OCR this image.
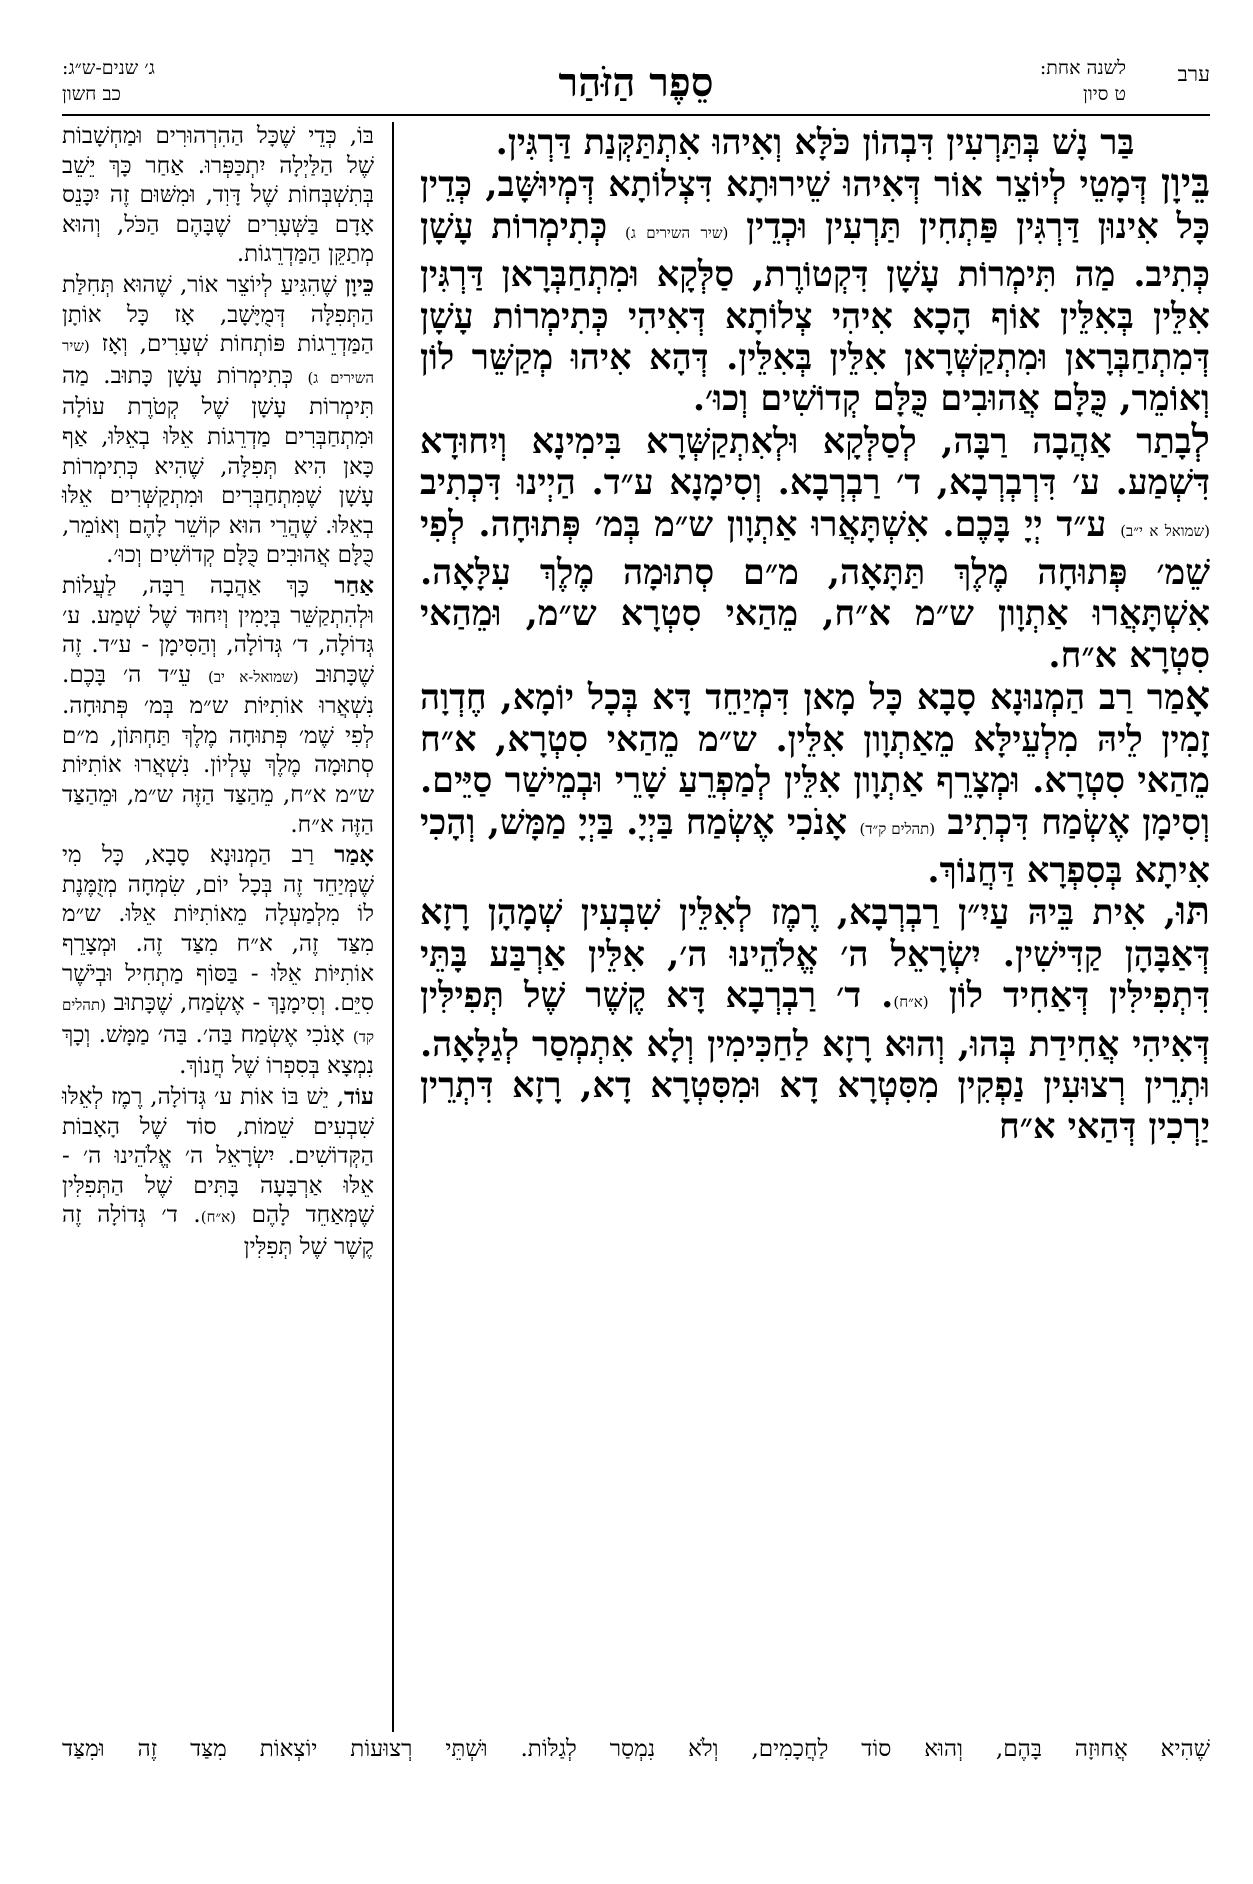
ערב
לשנה אחת:
ט סיון
סֵפֶר הַזֹּהַר
ג׳ שנים-ש״ג:
כב חשון

בַּר נָשׁ בְּתַּרְעִין דִּבְהוֹן כֹּלָּא וְאִיהוּ אִתְתַּקְּנַת דַּרְגִּין.

בֵּיוָן דְּמָטֵי לְיוֹצֵר אוֹר דְּאִיהוּ שֵׁירוּתָא דִּצְלוֹתָא דְּמְיוּשָּׁב, כְּדֵין כָּל אִינוּן דַּרְגִּין פַּתְחִין תַּרְעִין וּכְדֵין (שיר השירים ג) כְּתִימְרוֹת עָשָׁן כְּתִיב. מַה תִּימְרוֹת עָשָׁן דִּקְטוֹרֶת, סַלְּקָא וּמִתְחַבְּרָאן דַּרְגִּין אִלֵּין בְּאִלֵּין אוֹף הָכָא אִיהִי צְלוֹתָא דְּאִיהִי כְּתִימְרוֹת עָשָׁן דְּמִתְחַבְּרָאן וּמִתְקַשְּׁרָאן אִלֵּין בְּאִלֵּין. דְּהָא אִיהוּ מְקַשֵּׁר לוֹן וְאוֹמֵר, כֻּלָּם אֲהוּבִים כֻּלָּם קְדוֹשִׁים וְכוּ׳.

לְבָתַר אַהֲבָה רַבָּה, לְסַלְּקָא וּלְאִתְקַשְּׁרָא בִּימִינָא וְיִחוּדָא דִּשְׁמַע. ע׳ דִּרְבְרְבָא, ד׳ רַבְרְבָא. וְסִימָנָא ע״ד. הַיְינוּ דִּכְתִיב (שמואל א י״ב) ע״ד יְיָ בָּכֶם. אִשְׁתָּאֲרוּ אַתְוָון ש״מ בְּמ׳ פְּתוּחָה. לְפִי שֵׁמ׳ פְּתוּחָה מֶלֶךְ תַּתָּאָה, מ״ם סְתוּמָה מֶלֶךְ עִלָּאָה. אִשְׁתָּאֲרוּ אַתְוָון ש״מ א״ח, מֵהַאי סִטְרָא ש״מ, וּמֵהַאי סִטְרָא א״ח.

אָמַר רַב הַמְנוּנָא סָבָא כָּל מָאן דִּמְיַחֵד דָּא בְּכָל יוֹמָא, חֶדְוָה זָמִין לֵיהּ מִלְעֵילָּא מֵאַתְוָון אִלֵּין. ש״מ מֵהַאי סִטְרָא, א״ח מֵהַאי סִטְרָא. וּמְצָרֵף אַתְוָון אִלֵּין לְמַפְרֵעַ שָׁרֵי וּבְמֵישַׁר סַיֵּים. וְסִימָן אֶשְׂמַח דִּכְתִיב (תהלים ק״ד) אָנֹכִי אֶשְׂמַח בַּיְיָ. בַּיְיָ מַמָּשׁ, וְהָכִי אִיתָא בְּסִפְרָא דַּחֲנוֹךְ.

תּוּ, אִית בֵּיהּ עַיִ״ן רַבְרְבָא, רֶמֶז לְאִלֵּין שִׁבְעִין שְׁמָהָן רָזָא דְּאַבָּהָן קַדִּישִׁין. יִשְׂרָאֵל ה׳ אֱלֹהֵינוּ ה׳, אִלֵּין אַרְבַּע בָּתֵּי דִּתְפִילִּין דְּאַחִיד לוֹן (א״ח). ד׳ רַבְרְבָא דָּא קֶשֶׁר שֶׁל תְּפִילִּין דְּאִיהִי אֲחִידַת בְּהוּ, וְהוּא רָזָא לַחַכִּימִין וְלָא אִתְמְסַר לְגַלָּאָה. וּתְרֵין רְצוּעִין נַפְקִין מִסִּטְרָא דָא וּמִסִּטְרָא דָא, רָזָא דִּתְרֵין יַרְכִין דְּהַאי א״ח

בּוֹ, כְּדֵי שֶׁכָּל הַהִרְהוּרִים וּמַחְשָׁבוֹת שֶׁל הַלַּיְלָה יִתְכַּפְּרוּ. אַחַר כָּךְ יֵשֵׁב בְּתִשְׁבְּחוֹת שֶׁל דָּוִד, וּמִשּׁוּם זֶה יִכָּנֵס אָדָם בַּשְּׁעָרִים שֶׁבָּהֶם הַכֹּל, וְהוּא מְתַקֵּן הַמַּדְרֵגוֹת.

כֵּיוָן שֶׁהִגִּיעַ לְיוֹצֵר אוֹר, שֶׁהוּא תְּחִלַּת הַתְּפִלָּה דְּמֻיָּשָׁב, אָז כָּל אוֹתָן הַמַּדְרֵגוֹת פּוֹתְחוֹת שְׁעָרִים, וְאָז (שיר השירים ג) כְּתִימְרוֹת עָשָׁן כָּתוּב. מַה תִּימְרוֹת עָשָׁן שֶׁל קְטֹרֶת עוֹלָה וּמִתְחַבְּרִים מַדְרֵגוֹת אֵלּוּ בְאֵלּוּ, אַף כָּאן הִיא תְּפִלָּה, שֶׁהִיא כְּתִימְרוֹת עָשָׁן שֶׁמִּתְחַבְּרִים וּמִתְקַשְּׁרִים אֵלּוּ בְאֵלּוּ. שֶׁהֲרֵי הוּא קוֹשֵׁר לָהֶם וְאוֹמֵר, כֻּלָּם אֲהוּבִים כֻּלָּם קְדוֹשִׁים וְכוּ׳.

אַחַר כָּךְ אַהֲבָה רַבָּה, לַעֲלוֹת וּלְהִתְקַשֵּׁר בְּיָמִין וְיִחוּד שֶׁל שְׁמַע. ע׳ גְּדוֹלָה, ד׳ גְּדוֹלָה, וְהַסִּימָן - ע״ד. זֶה שֶׁכָּתוּב (שמואל-א יב) עֵ״ד ה׳ בָּכֶם. נִשְׁאֲרוּ אוֹתִיּוֹת ש״מ בְּמ׳ פְּתוּחָה. לְפִי שֶׁמ׳ פְּתוּחָה מֶלֶךְ תַּחְתּוֹן, מ״ם סְתוּמָה מֶלֶךְ עֶלְיוֹן. נִשְׁאֲרוּ אוֹתִיּוֹת ש״מ א״ח, מֵהַצַּד הַזֶּה ש״מ, וּמֵהַצַּד הַזֶּה א״ח.

אָמַר רַב הַמְנוּנָא סָבָא, כָּל מִי שֶׁמְּיַחֵד זֶה בְּכָל יוֹם, שִׂמְחָה מְזֻמֶּנֶת לוֹ מִלְמַעְלָה מֵאוֹתִיּוֹת אֵלּוּ. ש״מ מִצַּד זֶה, א״ח מִצַּד זֶה. וּמְצָרֵף אוֹתִיּוֹת אֵלּוּ - בַּסּוֹף מַתְחִיל וּבְיֹשֶׁר סִיֵּם. וְסִימָנָךְ - אֶשְׂמַח, שֶׁכָּתוּב (תהלים קד) אָנֹכִי אֶשְׂמַח בַּה׳. בַּה׳ מַמָּשׁ. וְכָךְ נִמְצָא בְּסִפְרוֹ שֶׁל חֲנוֹךְ.

עוֹד, יֵשׁ בּוֹ אוֹת ע׳ גְּדוֹלָה, רֶמֶז לְאֵלּוּ שִׁבְעִים שֵׁמוֹת, סוֹד שֶׁל הָאָבוֹת הַקְּדוֹשִׁים. יִשְׂרָאֵל ה׳ אֱלֹהֵינוּ ה׳ - אֵלּוּ אַרְבָּעָה בָּתִּים שֶׁל הַתְּפִלִּין שֶׁמְּאַחֵד לָהֶם (א״ח). ד׳ גְּדוֹלָה זֶה קֶשֶׁר שֶׁל תְּפִלִּין

שֶׁהִיא אֲחוּזָה בָּהֶם, וְהוּא סוֹד לַחֲכָמִים, וְלֹא נִמְסַר לְגַלּוֹת. וּשְׁתֵּי רְצוּעוֹת יוֹצְאוֹת מִצַּד זֶה וּמִצַּד
